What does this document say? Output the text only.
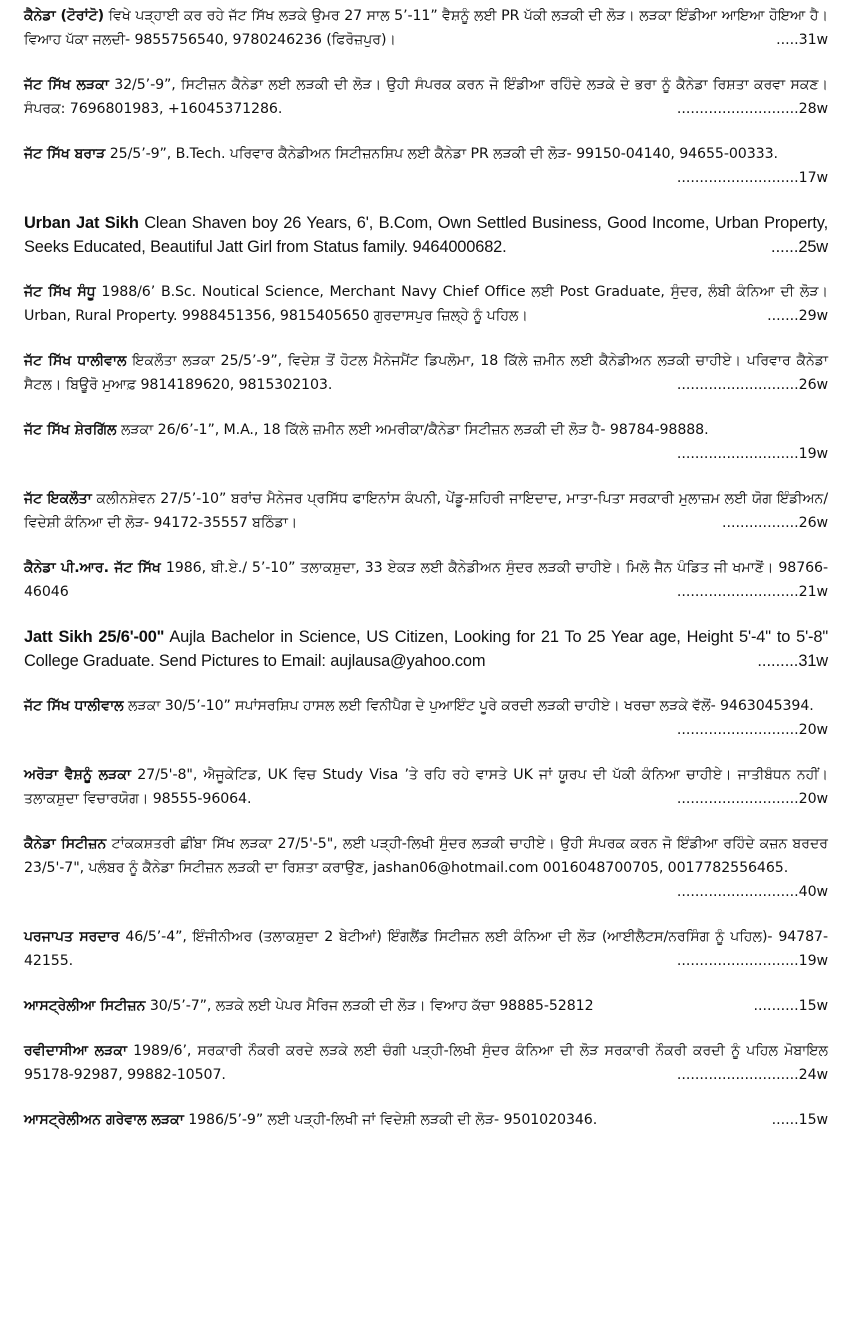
ਕੈਨੇਡਾ (ਟੋਰਾਂਟੋ) ਵਿਖੇ ਪੜ੍ਹਾਈ ਕਰ ਰਹੇ ਜੱਟ ਸਿੱਖ ਲੜਕੇ ਉਮਰ 27 ਸਾਲ 5’-11” ਵੈਸ਼ਨੂੰ ਲਈ PR ਪੱਕੀ ਲੜਕੀ ਦੀ ਲੋੜ। ਲੜਕਾ ਇੰਡੀਆ ਆਇਆ ਹੋਇਆ ਹੈ। ਵਿਆਹ ਪੱਕਾ ਜਲਦੀ- 9855756540, 9780246236 (ਫਿਰੋਜ਼ਪੁਰ)।	.....31w
ਜੱਟ ਸਿੱਖ ਲੜਕਾ 32/5’-9”, ਸਿਟੀਜ਼ਨ ਕੈਨੇਡਾ ਲਈ ਲੜਕੀ ਦੀ ਲੋੜ। ਉਹੀ ਸੰਪਰਕ ਕਰਨ ਜੋ ਇੰਡੀਆ ਰਹਿੰਦੇ ਲੜਕੇ ਦੇ ਭਰਾ ਨੂੰ ਕੈਨੇਡਾ ਰਿਸ਼ਤਾ ਕਰਵਾ ਸਕਣ। ਸੰਪਰਕ: 7696801983, +16045371286.	...........................28w
ਜੱਟ ਸਿੱਖ ਬਰਾੜ 25/5’-9”, B.Tech. ਪਰਿਵਾਰ ਕੈਨੇਡੀਅਨ ਸਿਟੀਜ਼ਨਸ਼ਿਪ ਲਈ ਕੈਨੇਡਾ PR ਲੜਕੀ ਦੀ ਲੋੜ- 99150-04140, 94655-00333.
...........................17w
Urban Jat Sikh Clean Shaven boy 26 Years, 6', B.Com, Own Settled Business, Good Income, Urban Property, Seeks Educated, Beautiful Jatt Girl from Status family. 9464000682.	......25w
ਜੱਟ ਸਿੱਖ ਸੰਧੂ 1988/6’ B.Sc. Noutical Science, Merchant Navy Chief Office ਲਈ Post Graduate, ਸੁੰਦਰ, ਲੰਬੀ ਕੰਨਿਆ ਦੀ ਲੋੜ। Urban, Rural Property. 9988451356, 9815405650 ਗੁਰਦਾਸਪੁਰ ਜ਼ਿਲ੍ਹੇ ਨੂੰ ਪਹਿਲ।	.......29w
ਜੱਟ ਸਿੱਖ ਧਾਲੀਵਾਲ ਇਕਲੌਤਾ ਲੜਕਾ 25/5’-9”, ਵਿਦੇਸ਼ ਤੋਂ ਹੋਟਲ ਮੈਨੇਜਮੈਂਟ ਡਿਪਲੋਮਾ, 18 ਕਿੱਲੇ ਜ਼ਮੀਨ ਲਈ ਕੈਨੇਡੀਅਨ ਲੜਕੀ ਚਾਹੀਏ। ਪਰਿਵਾਰ ਕੈਨੇਡਾ ਸੈਟਲ। ਬਿਊਰੋ ਮੁਆਫ਼ 9814189620, 9815302103.	...........................26w
ਜੱਟ ਸਿੱਖ ਸ਼ੇਰਗਿੱਲ ਲੜਕਾ 26/6’-1”, M.A., 18 ਕਿੱਲੇ ਜ਼ਮੀਨ ਲਈ ਅਮਰੀਕਾ/ਕੈਨੇਡਾ ਸਿਟੀਜ਼ਨ ਲੜਕੀ ਦੀ ਲੋੜ ਹੈ- 98784-98888.
...........................19w
ਜੱਟ ਇਕਲੌਤਾ ਕਲੀਨਸ਼ੇਵਨ 27/5’-10” ਬਰਾਂਚ ਮੈਨੇਜਰ ਪ੍ਰਸਿੱਧ ਫਾਇਨਾਂਸ ਕੰਪਨੀ, ਪੇਂਡੂ-ਸ਼ਹਿਰੀ ਜਾਇਦਾਦ, ਮਾਤਾ-ਪਿਤਾ ਸਰਕਾਰੀ ਮੁਲਾਜ਼ਮ ਲਈ ਯੋਗ ਇੰਡੀਅਨ/ਵਿਦੇਸ਼ੀ ਕੰਨਿਆ ਦੀ ਲੋੜ- 94172-35557 ਬਠਿੰਡਾ।	.................26w
ਕੈਨੇਡਾ ਪੀ.ਆਰ. ਜੱਟ ਸਿੱਖ 1986, ਬੀ.ਏ./ 5’-10” ਤਲਾਕਸ਼ੁਦਾ, 33 ਏਕੜ ਲਈ ਕੈਨੇਡੀਅਨ ਸੁੰਦਰ ਲੜਕੀ ਚਾਹੀਏ। ਮਿਲੋ ਜੈਨ ਪੰਡਿਤ ਜੀ ਖਮਾਣੋਂ। 98766-46046	...........................21w
Jatt Sikh 25/6'-00" Aujla Bachelor in Science, US Citizen, Looking for 21 To 25 Year age, Height 5'-4" to 5'-8" College Graduate. Send Pictures to Email: aujlausa@yahoo.com	.........31w
ਜੱਟ ਸਿੱਖ ਧਾਲੀਵਾਲ ਲੜਕਾ 30/5’-10” ਸਪਾਂਸਰਸ਼ਿਪ ਹਾਸਲ ਲਈ ਵਿਨੀਪੈਗ ਦੇ ਪੁਆਇੰਟ ਪੂਰੇ ਕਰਦੀ ਲੜਕੀ ਚਾਹੀਏ। ਖਰਚਾ ਲੜਕੇ ਵੱਲੋਂ- 9463045394.
...........................20w
ਅਰੋੜਾ ਵੈਸ਼ਨੂੰ ਲੜਕਾ 27/5'-8", ਐਜੂਕੇਟਿਡ, UK ਵਿਚ Study Visa ’ਤੇ ਰਹਿ ਰਹੇ ਵਾਸਤੇ UK ਜਾਂ ਯੂਰਪ ਦੀ ਪੱਕੀ ਕੰਨਿਆ ਚਾਹੀਏ। ਜਾਤੀਬੰਧਨ ਨਹੀਂ। ਤਲਾਕਸ਼ੁਦਾ ਵਿਚਾਰਯੋਗ। 98555-96064.	...........................20w
ਕੈਨੇਡਾ ਸਿਟੀਜ਼ਨ ਟਾਂਕਕਸ਼ਤਰੀ ਛੀਂਬਾ ਸਿੱਖ ਲੜਕਾ 27/5'-5", ਲਈ ਪੜ੍ਹੀ-ਲਿਖੀ ਸੁੰਦਰ ਲੜਕੀ ਚਾਹੀਏ। ਉਹੀ ਸੰਪਰਕ ਕਰਨ ਜੋ ਇੰਡੀਆ ਰਹਿੰਦੇ ਕਜ਼ਨ ਬਰਦਰ 23/5'-7", ਪਲੰਬਰ ਨੂੰ ਕੈਨੇਡਾ ਸਿਟੀਜ਼ਨ ਲੜਕੀ ਦਾ ਰਿਸ਼ਤਾ ਕਰਾਉਣ, jashan06@hotmail.com 0016048700705, 0017782556465.
...........................40w
ਪਰਜਾਪਤ ਸਰਦਾਰ 46/5’-4”, ਇੰਜੀਨੀਅਰ (ਤਲਾਕਸ਼ੁਦਾ 2 ਬੇਟੀਆਂ) ਇੰਗਲੈਂਡ ਸਿਟੀਜ਼ਨ ਲਈ ਕੰਨਿਆ ਦੀ ਲੋੜ (ਆਈਲੈਟਸ/ਨਰਸਿੰਗ ਨੂੰ ਪਹਿਲ)- 94787-42155.	...........................19w
ਆਸਟ੍ਰੇਲੀਆ ਸਿਟੀਜ਼ਨ 30/5’-7”, ਲੜਕੇ ਲਈ ਪੇਪਰ ਮੈਰਿਜ ਲੜਕੀ ਦੀ ਲੋੜ। ਵਿਆਹ ਕੱਚਾ 98885-52812	..........15w
ਰਵੀਦਾਸੀਆ ਲੜਕਾ 1989/6’, ਸਰਕਾਰੀ ਨੌਕਰੀ ਕਰਦੇ ਲੜਕੇ ਲਈ ਚੰਗੀ ਪੜ੍ਹੀ-ਲਿਖੀ ਸੁੰਦਰ ਕੰਨਿਆ ਦੀ ਲੋੜ ਸਰਕਾਰੀ ਨੌਕਰੀ ਕਰਦੀ ਨੂੰ ਪਹਿਲ ਮੋਬਾਇਲ 95178-92987, 99882-10507.	...........................24w
ਆਸਟ੍ਰੇਲੀਅਨ ਗਰੇਵਾਲ ਲੜਕਾ 1986/5’-9” ਲਈ ਪੜ੍ਹੀ-ਲਿਖੀ ਜਾਂ ਵਿਦੇਸ਼ੀ ਲੜਕੀ ਦੀ ਲੋੜ- 9501020346.	......15w
